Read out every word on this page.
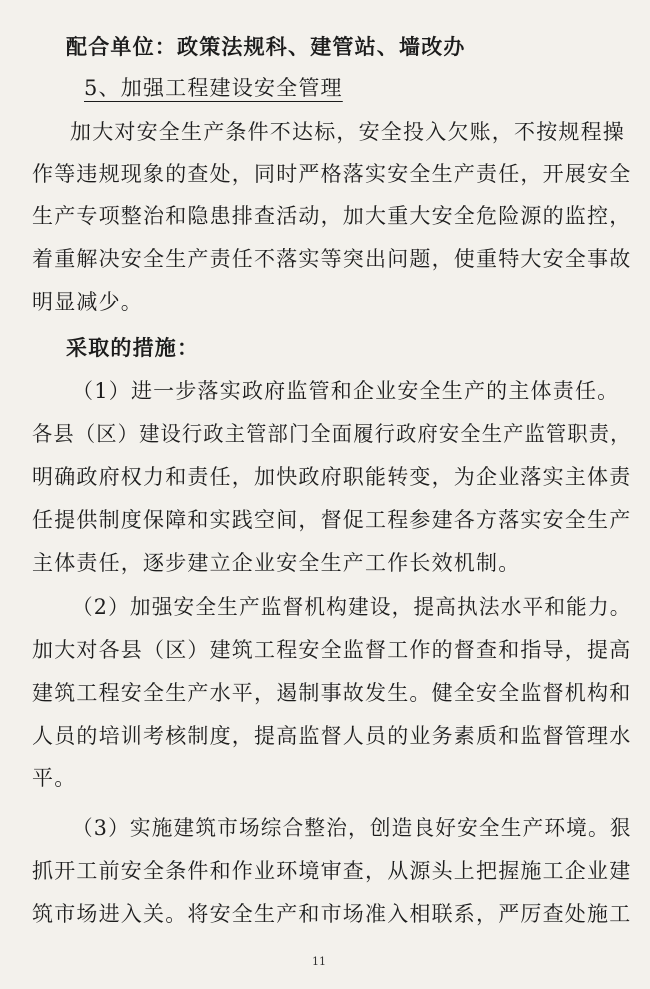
配合单位：政策法规科、建管站、墙改办
5、加强工程建设安全管理
加大对安全生产条件不达标，安全投入欠账，不按规程操
作等违规现象的查处，同时严格落实安全生产责任，开展安全
生产专项整治和隐患排查活动，加大重大安全危险源的监控，
着重解决安全生产责任不落实等突出问题，使重特大安全事故
明显减少。
采取的措施：
（1）进一步落实政府监管和企业安全生产的主体责任。
各县（区）建设行政主管部门全面履行政府安全生产监管职责，
明确政府权力和责任，加快政府职能转变，为企业落实主体责
任提供制度保障和实践空间，督促工程参建各方落实安全生产
主体责任，逐步建立企业安全生产工作长效机制。
（2）加强安全生产监督机构建设，提高执法水平和能力。
加大对各县（区）建筑工程安全监督工作的督查和指导，提高
建筑工程安全生产水平，遏制事故发生。健全安全监督机构和
人员的培训考核制度，提高监督人员的业务素质和监督管理水
平。
（3）实施建筑市场综合整治，创造良好安全生产环境。狠
抓开工前安全条件和作业环境审查，从源头上把握施工企业建
筑市场进入关。将安全生产和市场准入相联系，严厉查处施工
11
